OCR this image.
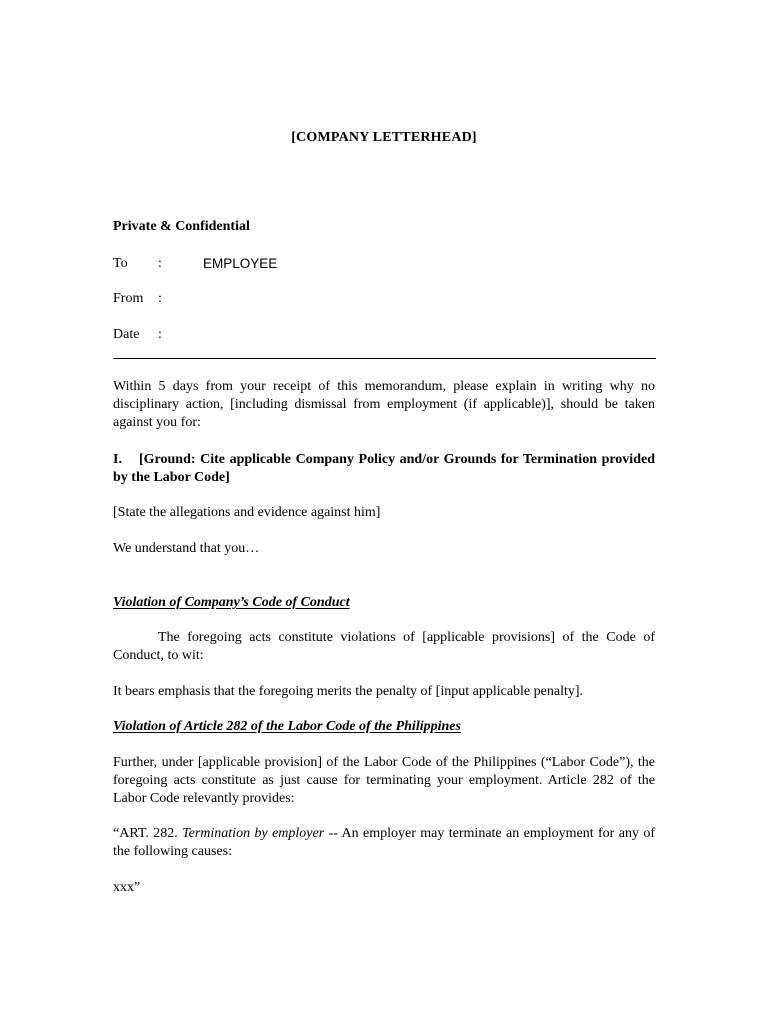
[COMPANY LETTERHEAD]
Private & Confidential
To :	EMPLOYEE
From :
Date :
Within 5 days from your receipt of this memorandum, please explain in writing why no disciplinary action, [including dismissal from employment (if applicable)], should be taken against you for:
I. [Ground: Cite applicable Company Policy and/or Grounds for Termination provided by the Labor Code]
[State the allegations and evidence against him]
We understand that you…
Violation of Company’s Code of Conduct
The foregoing acts constitute violations of [applicable provisions] of the Code of Conduct, to wit:
It bears emphasis that the foregoing merits the penalty of [input applicable penalty].
Violation of Article 282 of the Labor Code of the Philippines
Further, under [applicable provision] of the Labor Code of the Philippines (“Labor Code”), the foregoing acts constitute as just cause for terminating your employment. Article 282 of the Labor Code relevantly provides:
“ART. 282. Termination by employer -- An employer may terminate an employment for any of the following causes:
xxx”
